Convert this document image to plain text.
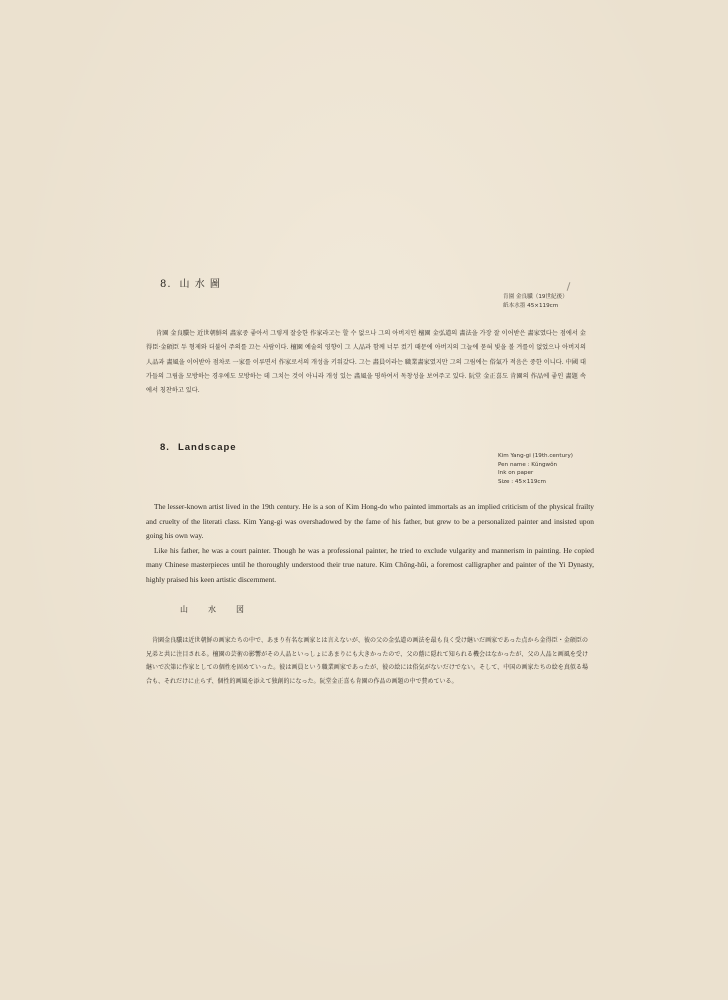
8. 山 水 圖
肯園 金良驥（19世紀後）
紙本水墨 45×119cm

肯園 金良驥는 近世朝鮮의 畵家중 좋아서 그렇게 잘숭한 作家라고는 할 수 없으나 그의 아버지인 檀園 金弘道의 畵法을 가장 잘 이어받은 畵家였다는 점에서 金得臣·金碩臣 두 형제와 더불어 주의를 끄는 사람이다. 檀園 예술의 영향이 그 人品과 함께 너무 컸기 때문에 아버지의 그늘에 묻혀 빛을 볼 겨를이 없었으나 아버지의 人品과 畵風을 이어받아 점차로 一家를 이루면서 作家로서의 개성을 키워갔다. 그는 畵員이라는 職業畵家였지만 그의 그림에는 俗氣가 적음은 중한 이니다. 中國 대가들의 그림을 모방하는 경우에도 모방하는 데 그치는 것이 아니라 개성 있는 畵風을 띵하여서 독창성을 보여주고 있다. 阮堂 金正喜도 肯園의 作品에 좋인 畵題 속에서 칭찬하고 있다.

8. Landscape
Kim Yang-gi (19th.century)
Pen name : Kŭngwŏn
Ink on paper
Size : 45×119cm

The lesser-known artist lived in the 19th century. He is a son of Kim Hong-do who painted immortals as an implied criticism of the physical frailty and cruelty of the literati class. Kim Yang-gi was overshadowed by the fame of his father, but grew to be a personalized painter and insisted upon going his own way.

Like his father, he was a court painter. Though he was a professional painter, he tried to exclude vulgarity and mannerism in painting. He copied many Chinese masterpieces until he thoroughly understood their true nature. Kim Chŏng-hŭi, a foremost calligrapher and painter of the Yi Dynasty, highly praised his keen artistic discernment.

山	水	図

肯園金良驥は近世朝鮮の画家たちの中で、あまり有名な画家とは言えないが、彼の父の金弘道の画法を最も良く受け継いだ画家であった点から金得臣・金碩臣の兄弟と共に注目される。檀園の芸術の影響がその人品といっしょにあまりにも大きかったので、父の蔭に隠れて知られる機会はなかったが、父の人品と画風を受け継いで次第に作家としての個性を固めていった。彼は画員という職業画家であったが、彼の絵には俗気がないだけでない。そして、中国の画家たちの絵を真似る場合も、それだけに止らず、個性的画風を添えて独創的になった。阮堂金正喜も肯園の作品の画題の中で賛めている。
